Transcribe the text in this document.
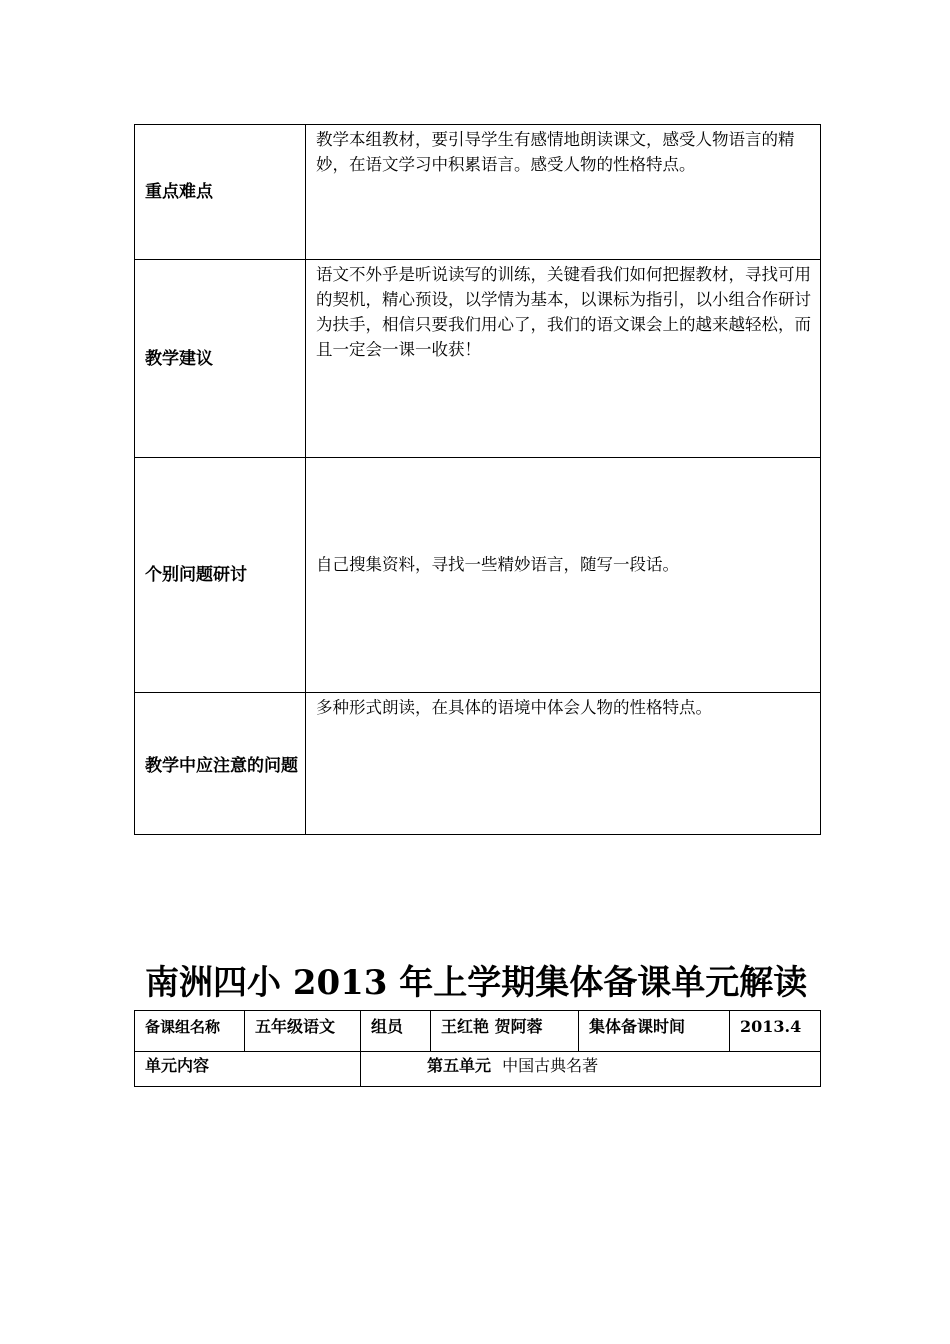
重点难点	教学本组教材，要引导学生有感情地朗读课文，感受人物语言的精妙，在语文学习中积累语言。感受人物的性格特点。
教学建议	语文不外乎是听说读写的训练，关键看我们如何把握教材，寻找可用的契机，精心预设，以学情为基本，以课标为指引，以小组合作研讨为扶手，相信只要我们用心了，我们的语文课会上的越来越轻松，而且一定会一课一收获！
个别问题研讨	自己搜集资料，寻找一些精妙语言，随写一段话。
教学中应注意的问题	多种形式朗读，在具体的语境中体会人物的性格特点。
南洲四小 2013 年上学期集体备课单元解读
备课组名称	五年级语文	组员	王红艳 贺阿蓉	集体备课时间	2013.4
单元内容		第五单元 中国古典名著			
